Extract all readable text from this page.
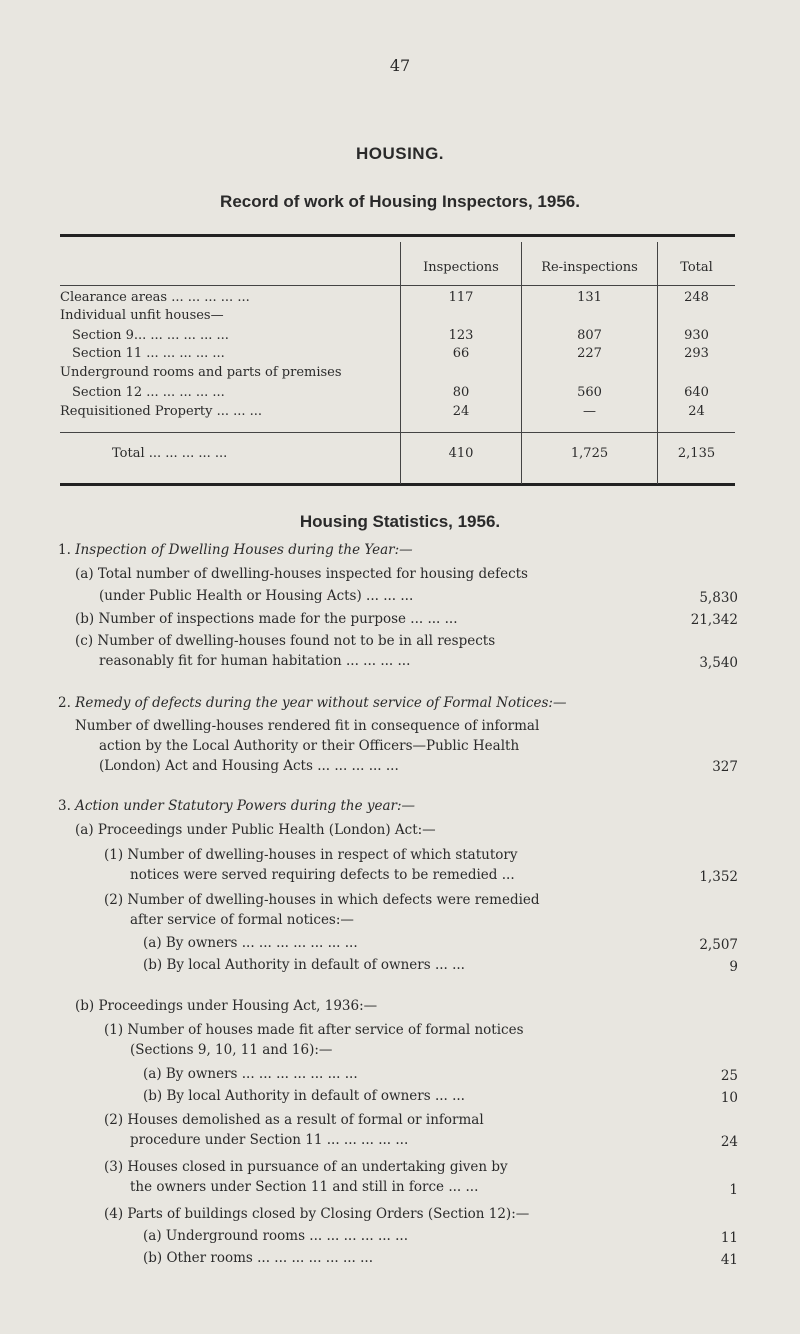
47
HOUSING.
Record of work of Housing Inspectors, 1956.
Inspections	Re-inspections	Total
Clearance areas ... ... ... ... ...	117	131	248
Individual unfit houses—
Section 9... ... ... ... ... ...	123	807	930
Section 11 ... ... ... ... ...	66	227	293
Underground rooms and parts of premises
Section 12 ... ... ... ... ...	80	560	640
Requisitioned Property ... ... ...	24	—	24
Total ... ... ... ... ...	410	1,725	2,135
Housing Statistics, 1956.
1. Inspection of Dwelling Houses during the Year:—
(a) Total number of dwelling-houses inspected for housing defects
(under Public Health or Housing Acts) ... ... ...	5,830
(b) Number of inspections made for the purpose ... ... ...	21,342
(c) Number of dwelling-houses found not to be in all respects
reasonably fit for human habitation ... ... ... ...	3,540
2. Remedy of defects during the year without service of Formal Notices:—
Number of dwelling-houses rendered fit in consequence of informal
action by the Local Authority or their Officers—Public Health
(London) Act and Housing Acts ... ... ... ... ...	327
3. Action under Statutory Powers during the year:—
(a) Proceedings under Public Health (London) Act:—
(1) Number of dwelling-houses in respect of which statutory
notices were served requiring defects to be remedied ...	1,352
(2) Number of dwelling-houses in which defects were remedied
after service of formal notices:—
(a) By owners ... ... ... ... ... ... ...	2,507
(b) By local Authority in default of owners ... ...	9
(b) Proceedings under Housing Act, 1936:—
(1) Number of houses made fit after service of formal notices
(Sections 9, 10, 11 and 16):—
(a) By owners ... ... ... ... ... ... ...	25
(b) By local Authority in default of owners ... ...	10
(2) Houses demolished as a result of formal or informal
procedure under Section 11 ... ... ... ... ...	24
(3) Houses closed in pursuance of an undertaking given by
the owners under Section 11 and still in force ... ...	1
(4) Parts of buildings closed by Closing Orders (Section 12):—
(a) Underground rooms ... ... ... ... ... ...	11
(b) Other rooms ... ... ... ... ... ... ...	41
